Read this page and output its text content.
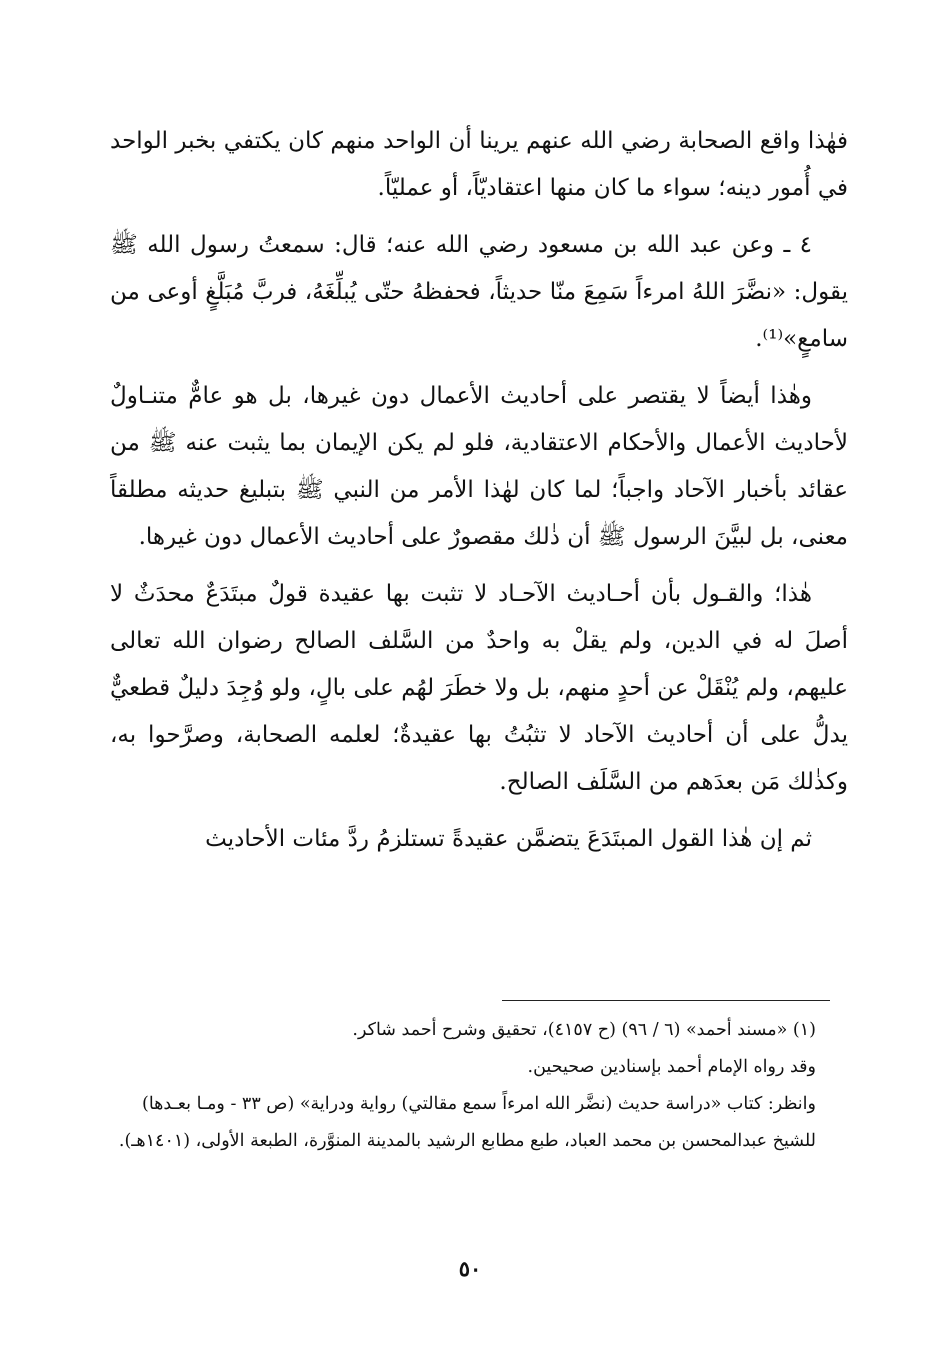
فهٰذا واقع الصحابة رضي الله عنهم يرينا أن الواحد منهم كان يكتفي بخبر الواحد في أُمور دينه؛ سواء ما كان منها اعتقاديّاً، أو عمليّاً.

٤ ـ وعن عبد الله بن مسعود رضي الله عنه؛ قال: سمعتُ رسول الله ﷺ يقول: «نضَّرَ اللهُ امرءاً سَمِعَ منّا حديثاً، فحفظهُ حتّى يُبلِّغَهُ، فربَّ مُبَلَّغٍ أوعى من سامعٍ»⁽¹⁾.

وهٰذا أيضاً لا يقتصر على أحاديث الأعمال دون غيرها، بل هو عامٌّ متنـاولٌ لأحاديث الأعمال والأحكام الاعتقادية، فلو لم يكن الإيمان بما يثبت عنه ﷺ من عقائد بأخبار الآحاد واجباً؛ لما كان لهٰذا الأمر من النبي ﷺ بتبليغ حديثه مطلقاً معنى، بل لبيَّنَ الرسول ﷺ أن ذٰلك مقصورٌ على أحاديث الأعمال دون غيرها.

هٰذا؛ والقـول بأن أحـاديث الآحـاد لا تثبت بها عقيدة قولٌ مبتَدَعٌ محدَثٌ لا أصلَ له في الدين، ولم يقلْ به واحدٌ من السَّلف الصالح رضوان الله تعالى عليهم، ولم يُنْقَلْ عن أحدٍ منهم، بل ولا خطَرَ لهُم على بالٍ، ولو وُجِدَ دليلٌ قطعيٌّ يدلُّ على أن أحاديث الآحاد لا تثبُتُ بها عقيدةٌ؛ لعلمه الصحابة، وصرَّحوا به، وكذٰلك مَن بعدَهم من السَّلَف الصالح.

ثم إن هٰذا القول المبتَدَعَ يتضمَّن عقيدةً تستلزمُ ردَّ مئات الأحاديث

(١) «مسند أحمد» (٦ / ٩٦) (ح ٤١٥٧)، تحقيق وشرح أحمد شاكر.

وقد رواه الإمام أحمد بإسنادين صحيحين.

وانظر: كتاب «دراسة حديث (نضَّر الله امرءاً سمع مقالتي) رواية ودراية» (ص ٣٣ - ومـا بعـدها) للشيخ عبدالمحسن بن محمد العباد، طبع مطابع الرشيد بالمدينة المنوَّرة، الطبعة الأولى، (١٤٠١هـ).

٥٠
